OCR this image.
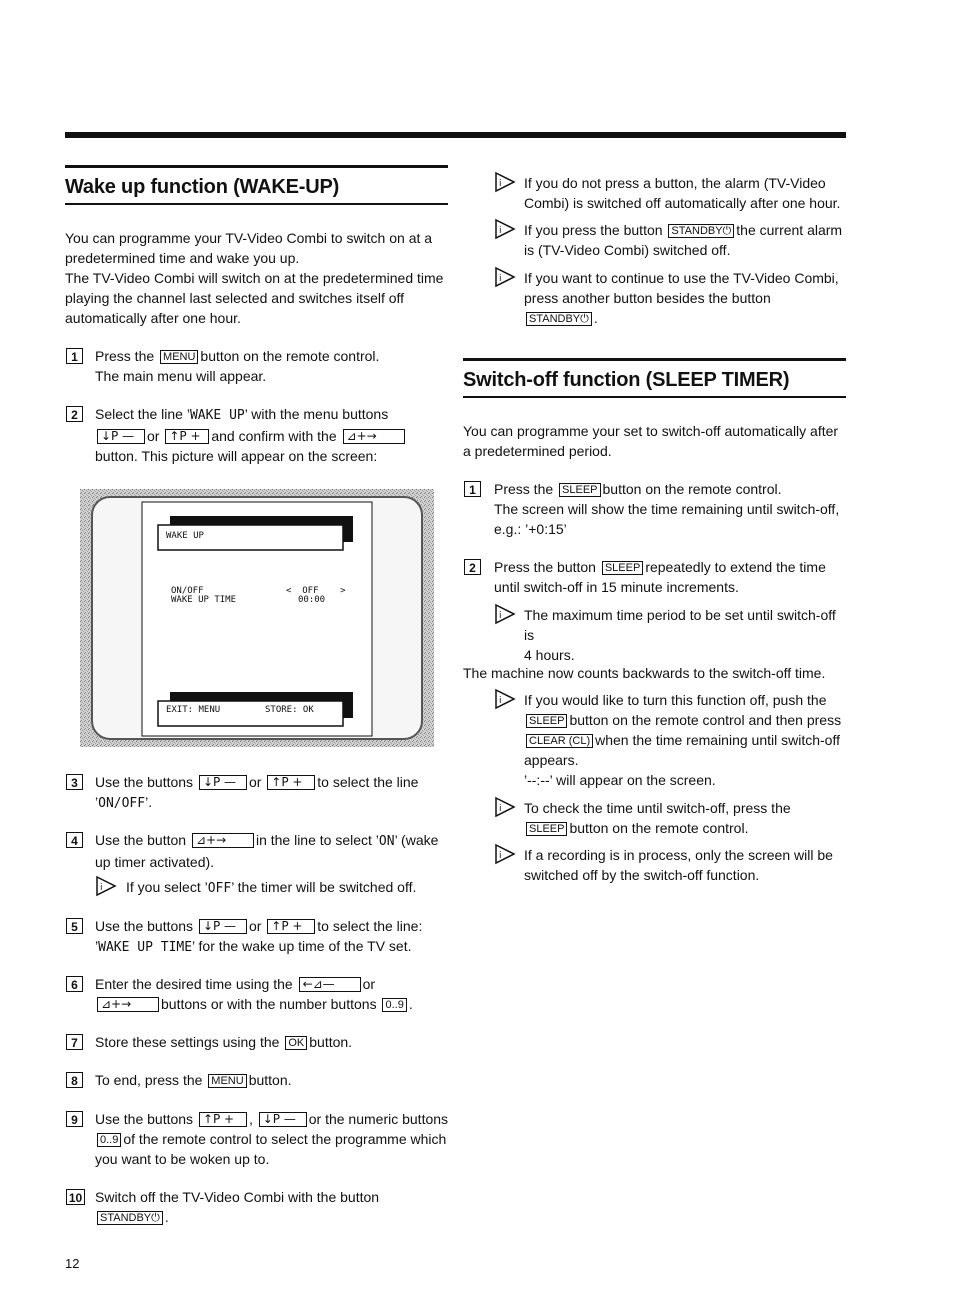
Wake up function (WAKE-UP)
You can programme your TV-Video Combi to switch on at a
predetermined time and wake you up.
The TV-Video Combi will switch on at the predetermined time
playing the channel last selected and switches itself off
automatically after one hour.
1	Press the MENU button on the remote control.
The main menu will appear.
2	Select the line ’WAKE UP’ with the menu buttons
↓P — or ↑P + and confirm with the ⊿+→
button. This picture will appear on the screen:
WAKE UP
ON/OFF	<  OFF    >
WAKE UP TIME	00:00
EXIT: MENU	STORE: OK
3	Use the buttons ↓P — or ↑P + to select the line
’ON/OFF’.
4	Use the button ⊿+→ in the line to select ’ON’ (wake
up timer activated).
i If you select ’OFF’ the timer will be switched off.
5	Use the buttons ↓P — or ↑P + to select the line:
’WAKE UP TIME’ for the wake up time of the TV set.
6	Enter the desired time using the ←⊿— or
⊿+→ buttons or with the number buttons 0..9 .
7	Store these settings using the OK button.
8	To end, press the MENU button.
9	Use the buttons ↑P + , ↓P — or the numeric buttons
0..9 of the remote control to select the programme which
you want to be woken up to.
10 Switch off the TV-Video Combi with the button
STANDBY⏻ .
12
i If you do not press a button, the alarm (TV-Video
Combi) is switched off automatically after one hour.
i If you press the button STANDBY⏻ the current alarm
is (TV-Video Combi) switched off.
i If you want to continue to use the TV-Video Combi,
press another button besides the button
STANDBY⏻ .
Switch-off function (SLEEP TIMER)
You can programme your set to switch-off automatically after
a predetermined period.
1	Press the SLEEP button on the remote control.
The screen will show the time remaining until switch-off,
e.g.: ’+0:15’
2	Press the button SLEEP repeatedly to extend the time
until switch-off in 15 minute increments.
i The maximum time period to be set until switch-off is
4 hours.
The machine now counts backwards to the switch-off time.
i If you would like to turn this function off, push the
SLEEP button on the remote control and then press
CLEAR (CL) when the time remaining until switch-off
appears.
’--:--’ will appear on the screen.
i To check the time until switch-off, press the
SLEEP button on the remote control.
i If a recording is in process, only the screen will be
switched off by the switch-off function.
